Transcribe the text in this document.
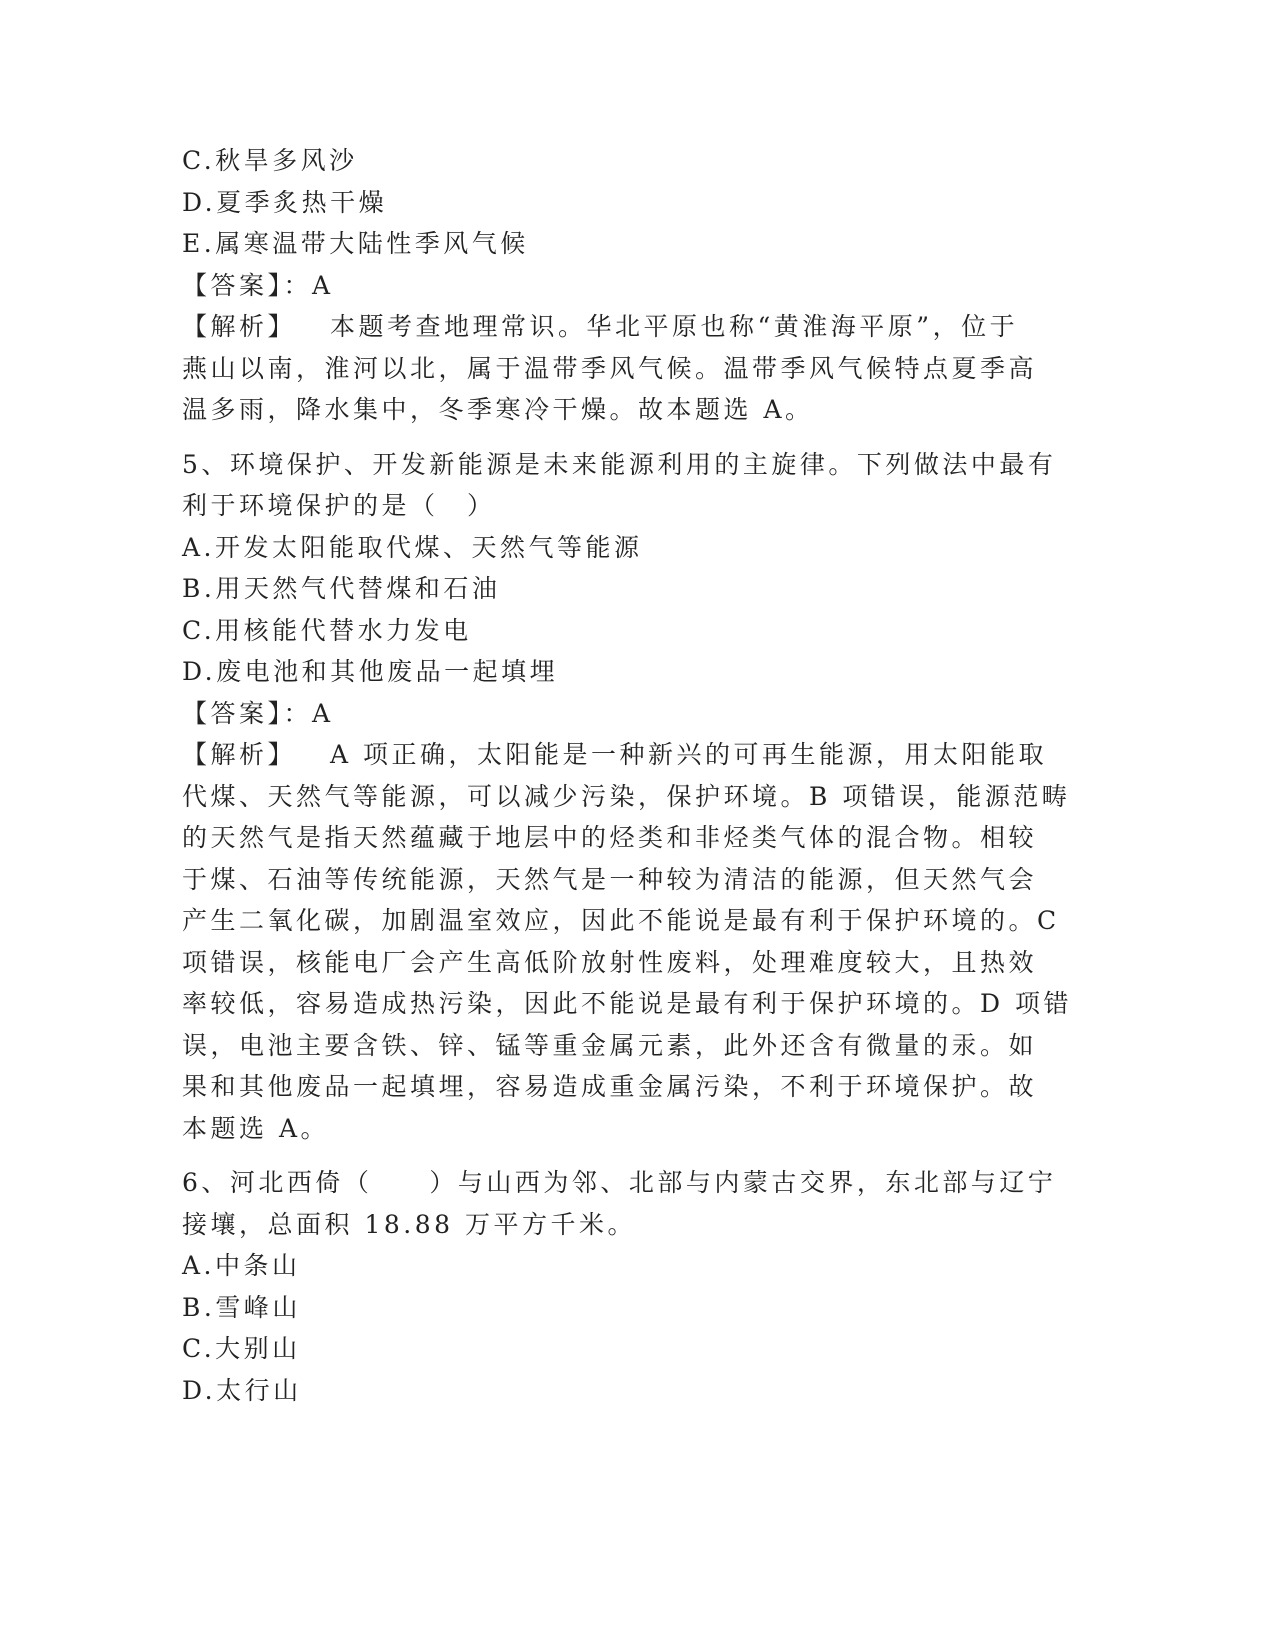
C.秋旱多风沙
D.夏季炙热干燥
E.属寒温带大陆性季风气候
【答案】：A
【解析】 本题考查地理常识。华北平原也称“黄淮海平原”，位于
燕山以南，淮河以北，属于温带季风气候。温带季风气候特点夏季高
温多雨，降水集中，冬季寒冷干燥。故本题选 A。
5、环境保护、开发新能源是未来能源利用的主旋律。下列做法中最有
利于环境保护的是（　）
A.开发太阳能取代煤、天然气等能源
B.用天然气代替煤和石油
C.用核能代替水力发电
D.废电池和其他废品一起填埋
【答案】：A
【解析】 A 项正确，太阳能是一种新兴的可再生能源，用太阳能取
代煤、天然气等能源，可以减少污染，保护环境。B 项错误，能源范畴
的天然气是指天然蕴藏于地层中的烃类和非烃类气体的混合物。相较
于煤、石油等传统能源，天然气是一种较为清洁的能源，但天然气会
产生二氧化碳，加剧温室效应，因此不能说是最有利于保护环境的。C
项错误，核能电厂会产生高低阶放射性废料，处理难度较大，且热效
率较低，容易造成热污染，因此不能说是最有利于保护环境的。D 项错
误，电池主要含铁、锌、锰等重金属元素，此外还含有微量的汞。如
果和其他废品一起填埋，容易造成重金属污染，不利于环境保护。故
本题选 A。
6、河北西倚（　　）与山西为邻、北部与内蒙古交界，东北部与辽宁
接壤，总面积 18.88 万平方千米。
A.中条山
B.雪峰山
C.大别山
D.太行山
